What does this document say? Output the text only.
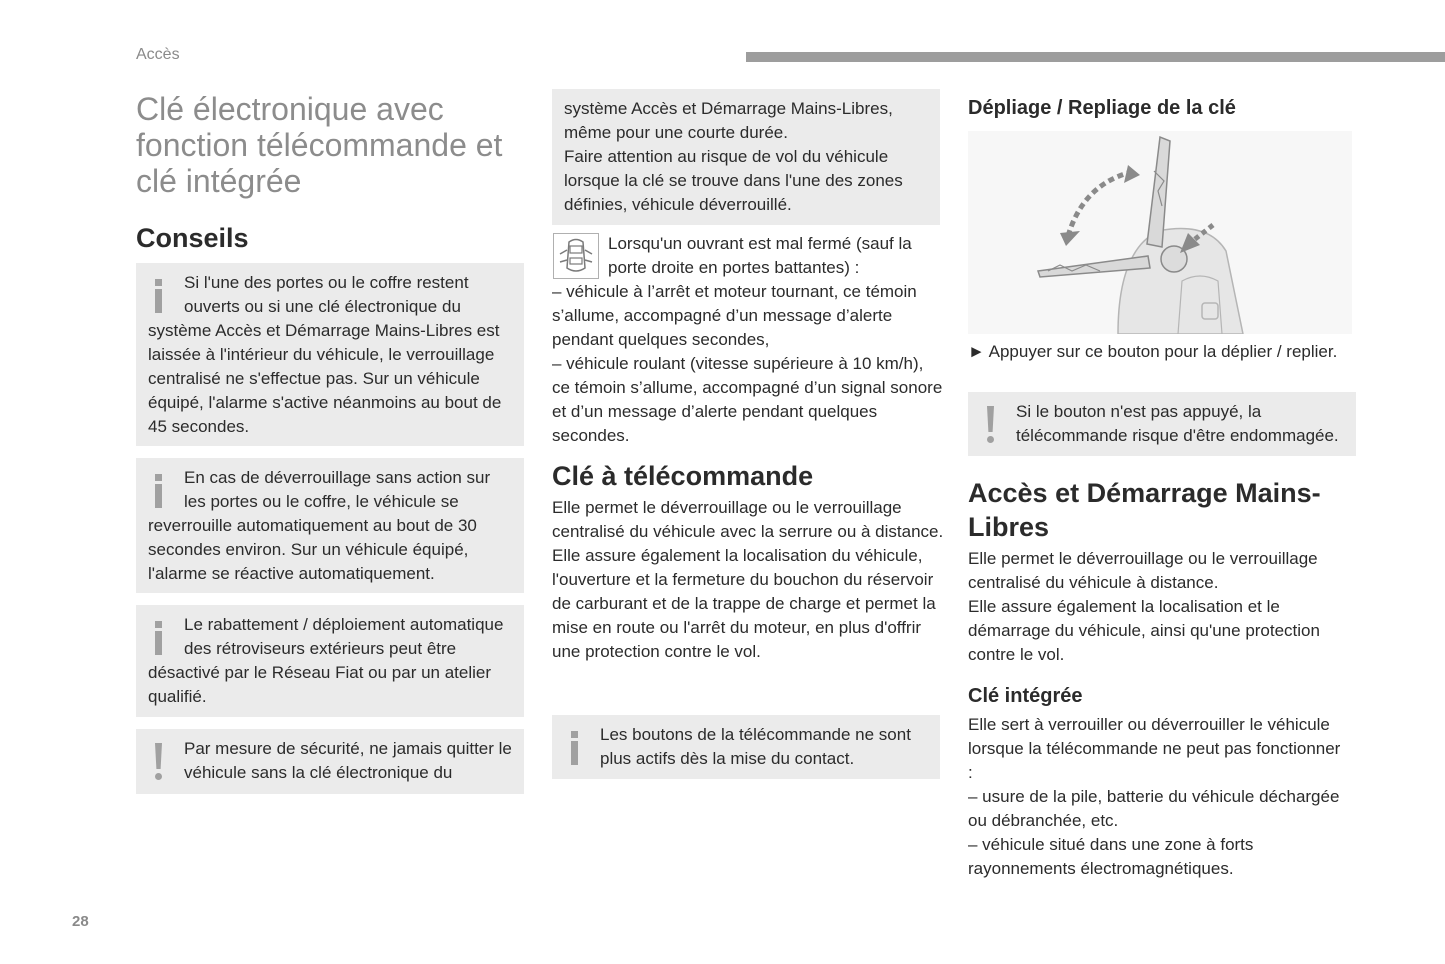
Accès
Clé électronique avec fonction télécommande et clé intégrée
Conseils

Si l'une des portes ou le coffre restent ouverts ou si une clé électronique du système Accès et Démarrage Mains-Libres est laissée à l'intérieur du véhicule, le verrouillage centralisé ne s'effectue pas. Sur un véhicule équipé, l'alarme s'active néanmoins au bout de 45 secondes.

En cas de déverrouillage sans action sur les portes ou le coffre, le véhicule se reverrouille automatiquement au bout de 30 secondes environ. Sur un véhicule équipé, l'alarme se réactive automatiquement.

Le rabattement / déploiement automatique des rétroviseurs extérieurs peut être désactivé par le Réseau Fiat ou par un atelier qualifié.

Par mesure de sécurité, ne jamais quitter le véhicule sans la clé électronique du

système Accès et Démarrage Mains-Libres, même pour une courte durée.

Faire attention au risque de vol du véhicule lorsque la clé se trouve dans l'une des zones définies, véhicule déverrouillé.

Lorsqu'un ouvrant est mal fermé (sauf la porte droite en portes battantes) :

– véhicule à l’arrêt et moteur tournant, ce témoin s’allume, accompagné d’un message d’alerte pendant quelques secondes,

– véhicule roulant (vitesse supérieure à 10 km/h), ce témoin s’allume, accompagné d’un signal sonore et d’un message d’alerte pendant quelques secondes.

Clé à télécommande

Elle permet le déverrouillage ou le verrouillage centralisé du véhicule avec la serrure ou à distance.

Elle assure également la localisation du véhicule, l'ouverture et la fermeture du bouchon du réservoir de carburant et de la trappe de charge et permet la mise en route ou l'arrêt du moteur, en plus d'offrir une protection contre le vol.

Les boutons de la télécommande ne sont plus actifs dès la mise du contact.

Dépliage / Repliage de la clé

► Appuyer sur ce bouton pour la déplier / replier.

Si le bouton n'est pas appuyé, la télécommande risque d'être endommagée.

Accès et Démarrage Mains-Libres

Elle permet le déverrouillage ou le verrouillage centralisé du véhicule à distance.

Elle assure également la localisation et le démarrage du véhicule, ainsi qu'une protection contre le vol.

Clé intégrée

Elle sert à verrouiller ou déverrouiller le véhicule lorsque la télécommande ne peut pas fonctionner :

– usure de la pile, batterie du véhicule déchargée ou débranchée, etc.

– véhicule situé dans une zone à forts rayonnements électromagnétiques.

28
